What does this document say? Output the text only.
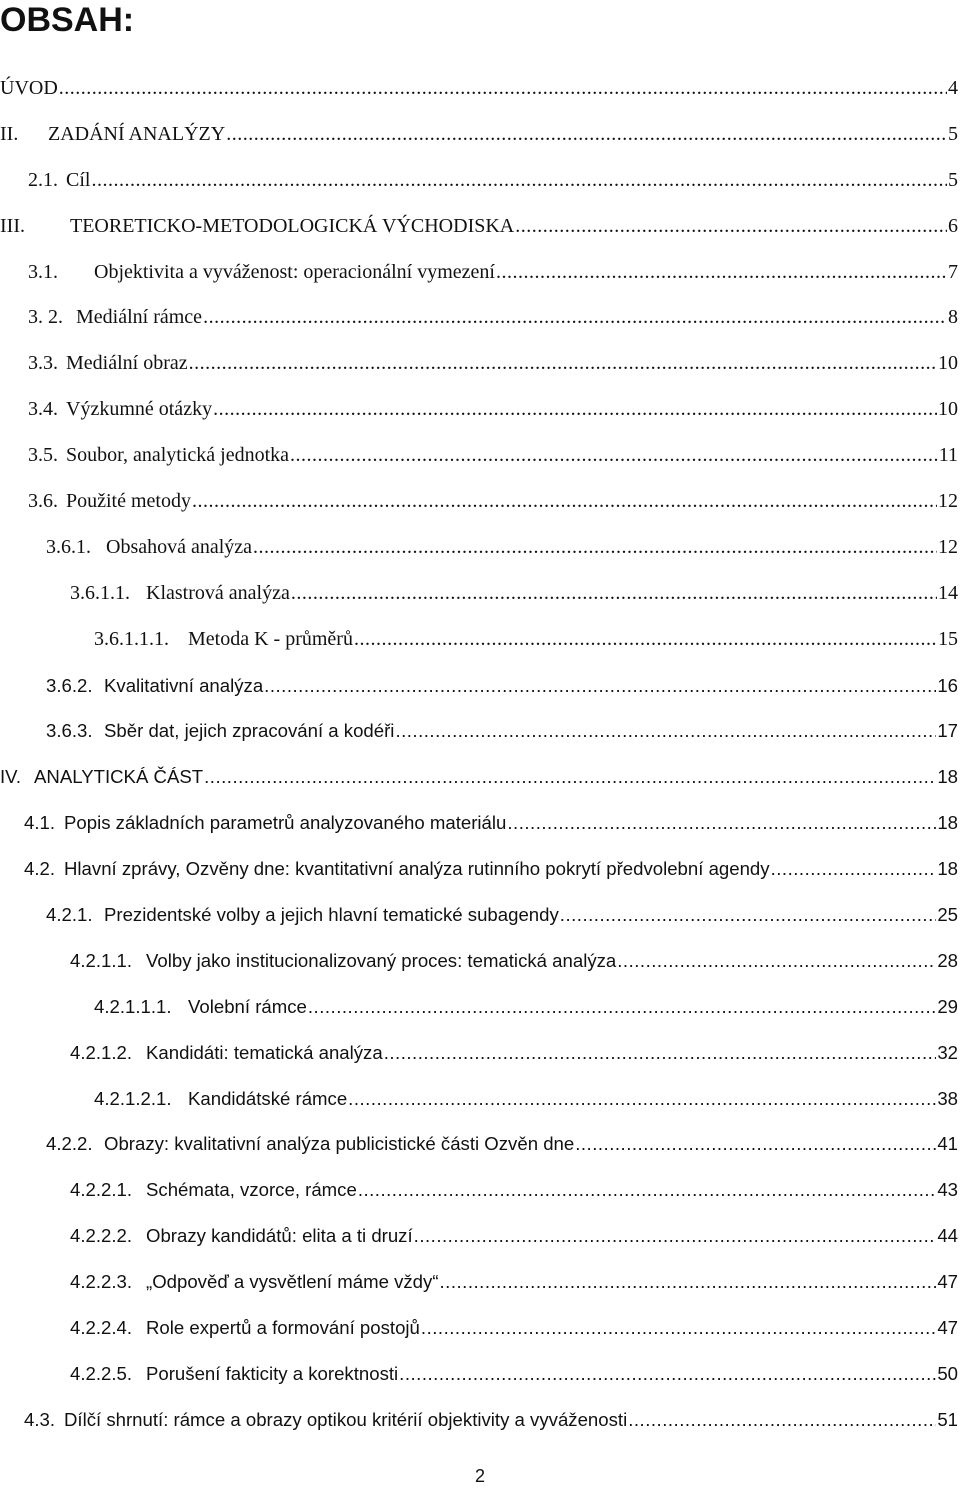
OBSAH:
ÚVOD .....	4
II.	ZADÁNÍ ANALÝZY .....	5
2.1. Cíl .....	5
III.	TEORETICKO-METODOLOGICKÁ VÝCHODISKA .....	6
3.1.	Objektivita a vyváženost: operacionální vymezení .....	7
3. 2. Mediální rámce .....	8
3.3. Mediální obraz .....	10
3.4. Výzkumné otázky .....	10
3.5. Soubor, analytická jednotka .....	11
3.6. Použité metody .....	12
3.6.1. Obsahová analýza .....	12
3.6.1.1. Klastrová analýza .....	14
3.6.1.1.1. Metoda K - průměrů .....	15
3.6.2. Kvalitativní analýza .....	16
3.6.3. Sběr dat, jejich zpracování a kodéři .....	17
IV. ANALYTICKÁ ČÁST .....	18
4.1. Popis základních parametrů analyzovaného materiálu .....	18
4.2. Hlavní zprávy, Ozvěny dne: kvantitativní analýza rutinního pokrytí předvolební agendy .....	18
4.2.1. Prezidentské volby a jejich hlavní tematické subagendy .....	25
4.2.1.1. Volby jako institucionalizovaný proces: tematická analýza .....	28
4.2.1.1.1. Volební rámce .....	29
4.2.1.2. Kandidáti: tematická analýza .....	32
4.2.1.2.1. Kandidátské rámce .....	38
4.2.2. Obrazy: kvalitativní analýza publicistické části Ozvěn dne .....	41
4.2.2.1. Schémata, vzorce, rámce .....	43
4.2.2.2. Obrazy kandidátů: elita a ti druzí .....	44
4.2.2.3. „Odpověď a vysvětlení máme vždy“ .....	47
4.2.2.4. Role expertů a formování postojů .....	47
4.2.2.5. Porušení fakticity a korektnosti .....	50
4.3. Dílčí shrnutí: rámce a obrazy optikou kritérií objektivity a vyváženosti .....	51
2
